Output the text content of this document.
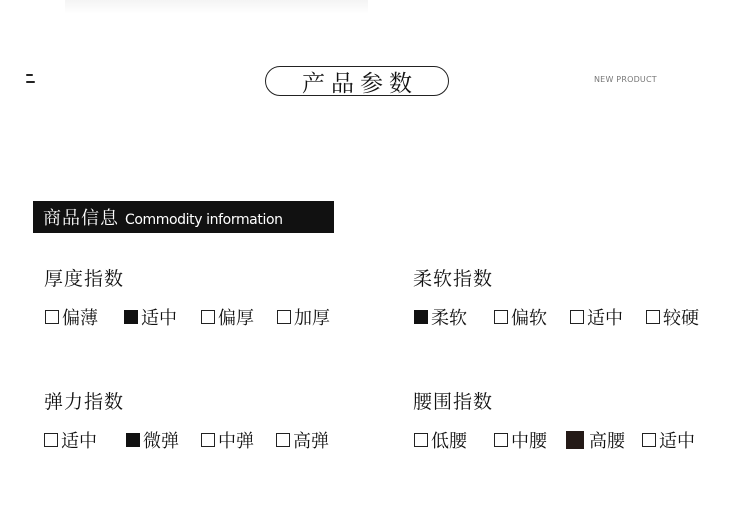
产品参数	NEW PRODUCT
商品信息 Commodity information
厚度指数
偏薄 适中 偏厚 加厚
柔软指数
柔软 偏软 适中 较硬
弹力指数
适中	微弹 中弹 高弹
腰围指数
低腰 中腰 高腰 适中
